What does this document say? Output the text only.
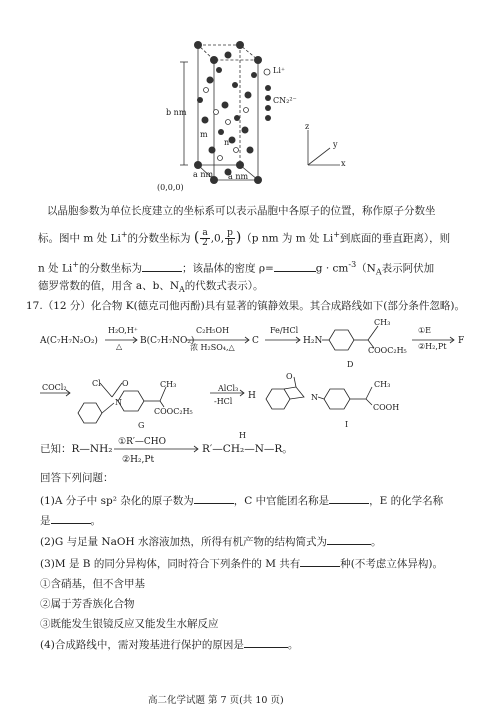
z
y
x
Li⁺
CN₂²⁻
b nm
a nm a nm
m
n
(0,0,0)
以晶胞参数为单位长度建立的坐标系可以表示晶胞中各原子的位置，称作原子分数坐
标。图中 m 处 Li+的分数坐标为 ( $\frac{a}{2} ,0$, $\frac{p}{b} )(p$ nm 为 m 处 Li+到底面的垂直距离），则
n 处 Li+的分数坐标为	；该晶体的密度 ρ=	$g \cdot cm^{-3}(N_A$表示阿伏加
德罗常数的值，用含 a、b、$N_A$的代数式表示）。
17.（12 分）化合物 K(德克司他丙酚)具有显著的镇静效果。其合成路线如下(部分条件忽略)。
A(C₇H₇N₂O₂)
H₂O,H⁺
△
B(C₇H₇NO₂)
C₂H₅OH
浓 H₂SO₄,△
C
Fe/HCl
H₂N
CH₃
COOC₂H₅
D
①E
②H₂,Pt
F
COCl₂	Cl	O
N
CH₃
COOC₂H₅
G
AlCl₃
-HCl
H
O
N
CH₃
COOH
I
已知：R—NH₂
①R′—CHO
②H₂,Pt
H
R′—CH₂—N—R。
回答下列问题：
(1)A 分子中 sp² 杂化的原子数为	，C 中官能团名称是	，E 的化学名称
是	。
(2)G 与足量 NaOH 水溶液加热，所得有机产物的结构简式为	。
(3)M 是 B 的同分异构体，同时符合下列条件的 M 共有	种(不考虑立体异构)。
①含硝基，但不含甲基
②属于芳香族化合物
③既能发生银镜反应又能发生水解反应
(4)合成路线中，需对羧基进行保护的原因是	。
高二化学试题 第 7 页(共 10 页)
